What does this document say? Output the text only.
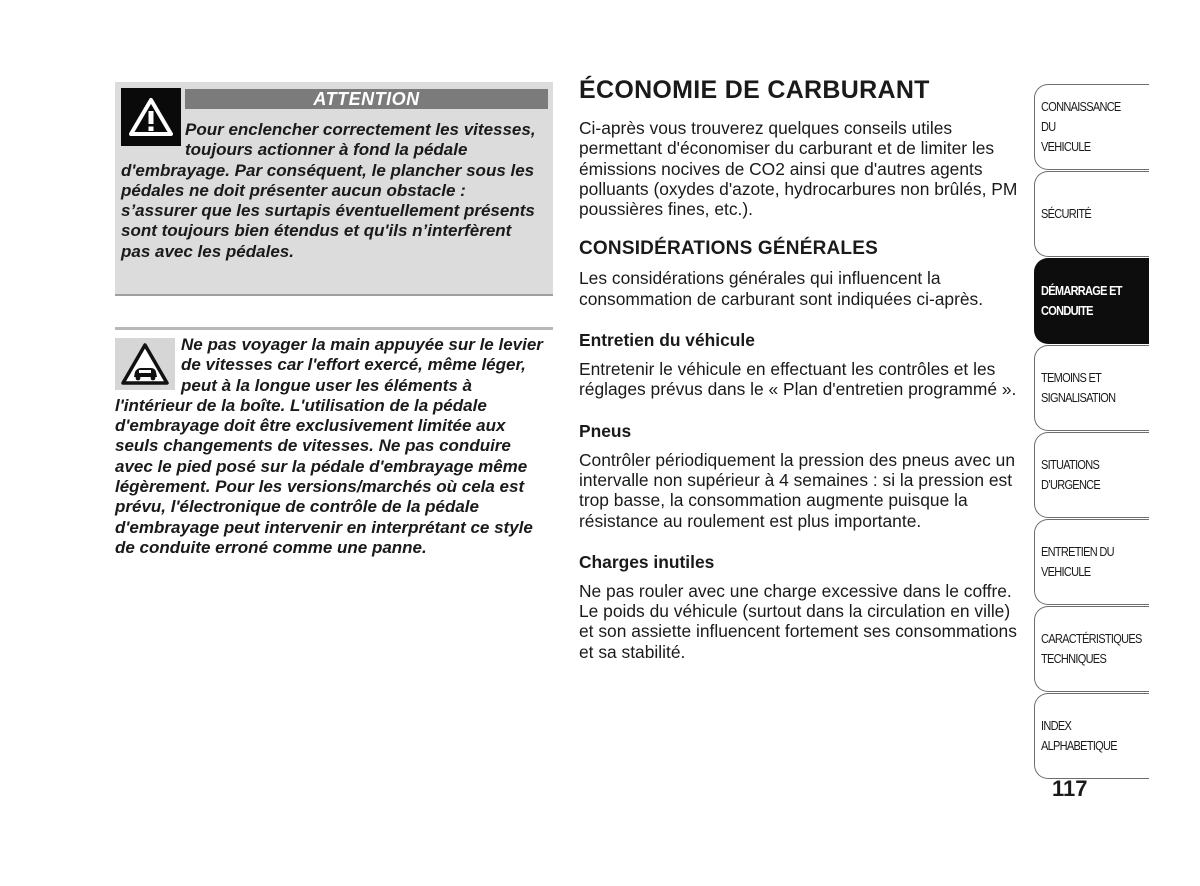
ATTENTION

Pour enclencher correctement les vitesses, toujours actionner à fond la pédale d'embrayage. Par conséquent, le plancher sous les pédales ne doit présenter aucun obstacle : s’assurer que les surtapis éventuellement présents sont toujours bien étendus et qu'ils n’interfèrent pas avec les pédales.

Ne pas voyager la main appuyée sur le levier de vitesses car l'effort exercé, même léger, peut à la longue user les éléments à l'intérieur de la boîte. L'utilisation de la pédale d'embrayage doit être exclusivement limitée aux seuls changements de vitesses. Ne pas conduire avec le pied posé sur la pédale d'embrayage même légèrement. Pour les versions/marchés où cela est prévu, l'électronique de contrôle de la pédale d'embrayage peut intervenir en interprétant ce style de conduite erroné comme une panne.

ÉCONOMIE DE CARBURANT

Ci-après vous trouverez quelques conseils utiles permettant d'économiser du carburant et de limiter les émissions nocives de CO2 ainsi que d'autres agents polluants (oxydes d'azote, hydrocarbures non brûlés, PM poussières fines, etc.).

CONSIDÉRATIONS GÉNÉRALES

Les considérations générales qui influencent la consommation de carburant sont indiquées ci-après.

Entretien du véhicule

Entretenir le véhicule en effectuant les contrôles et les réglages prévus dans le « Plan d'entretien programmé ».

Pneus

Contrôler périodiquement la pression des pneus avec un intervalle non supérieur à 4 semaines : si la pression est trop basse, la consommation augmente puisque la résistance au roulement est plus importante.

Charges inutiles

Ne pas rouler avec une charge excessive dans le coffre. Le poids du véhicule (surtout dans la circulation en ville) et son assiette influencent fortement ses consommations et sa stabilité.

CONNAISSANCE DU
VEHICULE
SÉCURITÉ
DÉMARRAGE ET
CONDUITE
TEMOINS ET
SIGNALISATION
SITUATIONS
D’URGENCE
ENTRETIEN DU
VEHICULE
CARACTÉRISTIQUES
TECHNIQUES
INDEX
ALPHABETIQUE
117
